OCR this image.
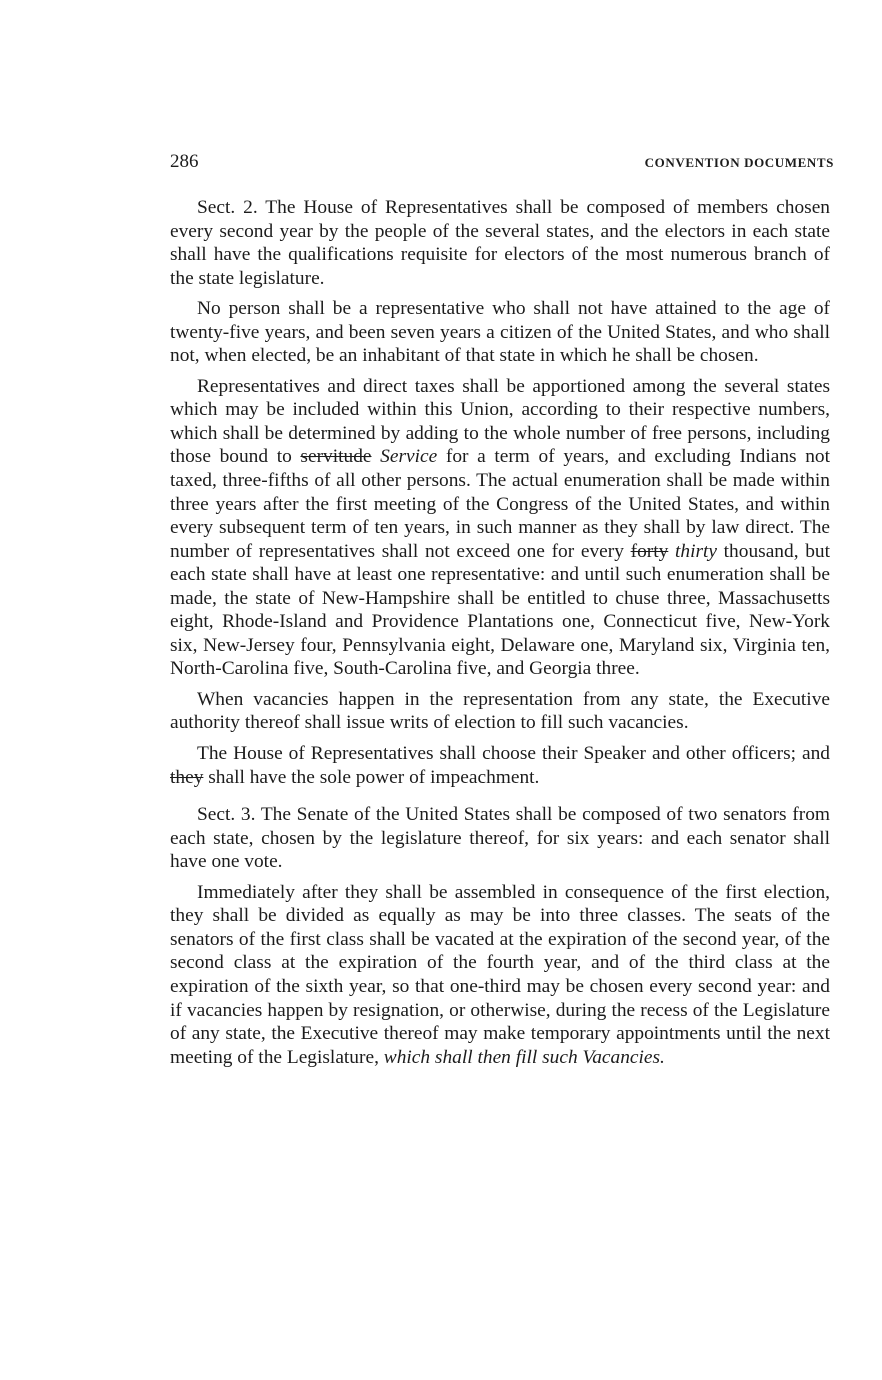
286	CONVENTION DOCUMENTS

Sect. 2. The House of Representatives shall be composed of members chosen every second year by the people of the several states, and the electors in each state shall have the qualifications requisite for electors of the most numerous branch of the state legislature.

No person shall be a representative who shall not have attained to the age of twenty-five years, and been seven years a citizen of the United States, and who shall not, when elected, be an inhabitant of that state in which he shall be chosen.

Representatives and direct taxes shall be apportioned among the several states which may be included within this Union, according to their respective numbers, which shall be determined by adding to the whole number of free persons, including those bound to servitude Service for a term of years, and excluding Indians not taxed, three-fifths of all other persons. The actual enumeration shall be made within three years after the first meeting of the Congress of the United States, and within every subsequent term of ten years, in such manner as they shall by law direct. The number of representatives shall not exceed one for every forty thirty thousand, but each state shall have at least one representative: and until such enumeration shall be made, the state of New-Hampshire shall be entitled to chuse three, Massachusetts eight, Rhode-Island and Providence Plantations one, Connecticut five, New-York six, New-Jersey four, Pennsylvania eight, Delaware one, Maryland six, Virginia ten, North-Carolina five, South-Carolina five, and Georgia three.

When vacancies happen in the representation from any state, the Executive authority thereof shall issue writs of election to fill such vacancies.

The House of Representatives shall choose their Speaker and other officers; and they shall have the sole power of impeachment.

Sect. 3. The Senate of the United States shall be composed of two senators from each state, chosen by the legislature thereof, for six years: and each senator shall have one vote.

Immediately after they shall be assembled in consequence of the first election, they shall be divided as equally as may be into three classes. The seats of the senators of the first class shall be vacated at the expiration of the second year, of the second class at the expiration of the fourth year, and of the third class at the expiration of the sixth year, so that one-third may be chosen every second year: and if vacancies happen by resignation, or otherwise, during the recess of the Legislature of any state, the Executive thereof may make temporary appointments until the next meeting of the Legislature, which shall then fill such Vacancies.
